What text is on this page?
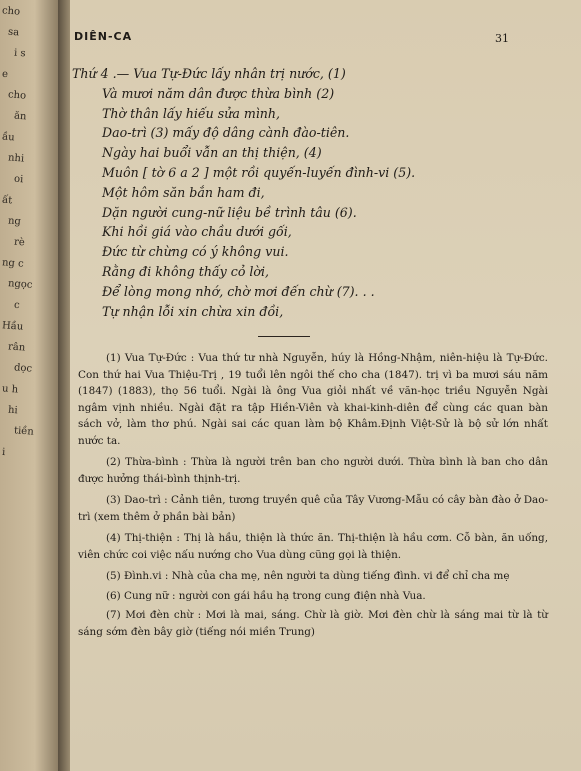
cho
sa
i s
e
cho
ăn
ầu
nhi
oi
ất
ng
rè
ng c
ngọc
c
Hầu
rân
dọc
u h
hi
tiền
i
DIÊN-CA	31
Thứ 4 .— Vua Tự-Đức lấy nhân trị nước, (1)
Và mươi năm dân được thừa bình (2)
Thờ thân lấy hiếu sửa mình,
Dao-trì (3) mấy độ dâng cành đào-tiên.
Ngày hai buổi vẫn an thị thiện, (4)
Muôn [ tờ 6 a 2 ] một rồi quyến-luyến đình-vi (5).
Một hôm săn bắn ham đi,
Dặn người cung-nữ liệu bề trình tâu (6).
Khi hồi giá vào chầu dưới gối,
Đức từ chừng có ý không vui.
Rằng đi không thấy cỏ lời,
Để lòng mong nhớ, chờ mơi đến chừ (7). . .
Tự nhận lỗi xin chừa xin đồi,

(1) Vua Tự-Đức : Vua thứ tư nhà Nguyễn, húy là Hồng-Nhậm, niên-hiệu là Tự-Đức. Con thứ hai Vua Thiệu-Trị , 19 tuổi lên ngôi thế cho cha (1847). trị vì ba mươi sáu năm (1847) (1883), thọ 56 tuổi. Ngài là ông Vua giỏi nhất về văn-học triều Nguyễn Ngài ngâm vịnh nhiều. Ngài đặt ra tập Hiền-Viên và khai-kinh-diên để cùng các quan bàn sách vở, làm thơ phú. Ngài sai các quan làm bộ Khâm.Định Việt-Sử là bộ sử lớn nhất nước ta.

(2) Thừa-bình : Thừa là người trên ban cho người dưới. Thừa bình là ban cho dân được hưởng thái-bình thịnh-trị.

(3) Dao-trì : Cảnh tiên, tương truyền quê của Tây Vương-Mẫu có cây bàn đào ở Dao-trì (xem thêm ở phần bài bản)

(4) Thị-thiện : Thị là hầu, thiện là thức ăn. Thị-thiện là hầu cơm. Cỗ bàn, ăn uống, viên chức coi việc nấu nướng cho Vua dùng cũng gọi là thiện.

(5) Đình.vi : Nhà của cha mẹ, nên người ta dùng tiếng đình. vi để chỉ cha mẹ

(6) Cung nữ : người con gái hầu hạ trong cung điện nhà Vua.

(7) Mơi đèn chừ : Mơi là mai, sáng. Chừ là giờ. Mơi đèn chừ là sáng mai từ là từ sáng sớm đèn bây giờ (tiếng nói miền Trung)
